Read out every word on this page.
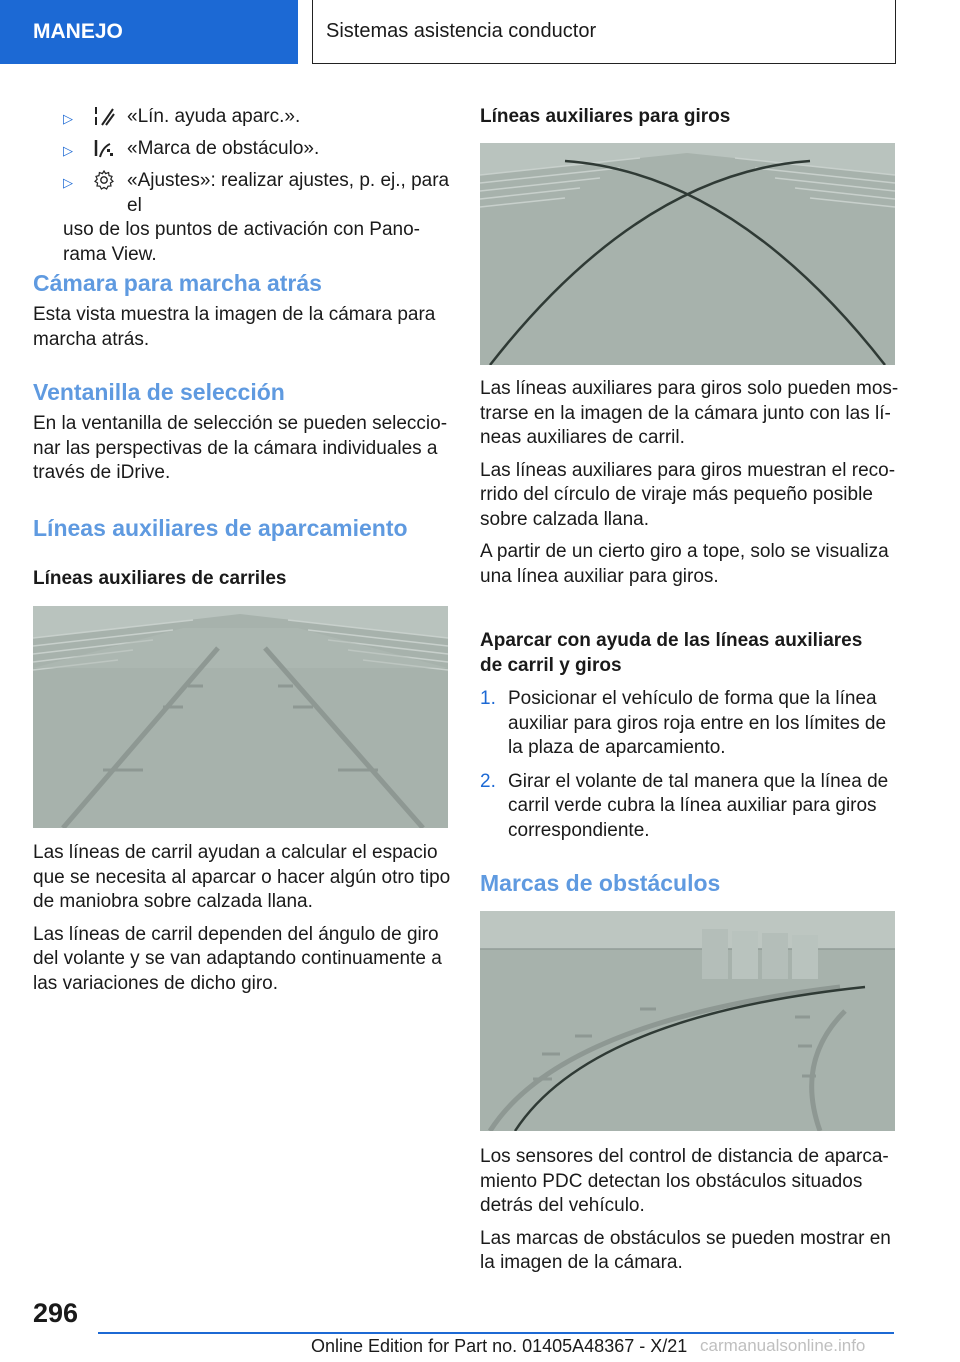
MANEJO	Sistemas asistencia conductor
▷	«Lín. ayuda aparc.».
▷	«Marca de obstáculo».
▷	«Ajustes»: realizar ajustes, p. ej., para el
uso de los puntos de activación con Pano‐
rama View.
Cámara para marcha atrás
Esta vista muestra la imagen de la cámara para
marcha atrás.
Ventanilla de selección
En la ventanilla de selección se pueden seleccio‐
nar las perspectivas de la cámara individuales a
través de iDrive.
Líneas auxiliares de aparcamiento
Líneas auxiliares de carriles
Las líneas de carril ayudan a calcular el espacio
que se necesita al aparcar o hacer algún otro tipo
de maniobra sobre calzada llana.
Las líneas de carril dependen del ángulo de giro
del volante y se van adaptando continuamente a
las variaciones de dicho giro.
Líneas auxiliares para giros
Las líneas auxiliares para giros solo pueden mos‐
trarse en la imagen de la cámara junto con las lí‐
neas auxiliares de carril.
Las líneas auxiliares para giros muestran el reco‐
rrido del círculo de viraje más pequeño posible
sobre calzada llana.
A partir de un cierto giro a tope, solo se visualiza
una línea auxiliar para giros.
Aparcar con ayuda de las líneas auxiliares
de carril y giros
1. Posicionar el vehículo de forma que la línea
auxiliar para giros roja entre en los límites de
la plaza de aparcamiento.
2. Girar el volante de tal manera que la línea de
carril verde cubra la línea auxiliar para giros
correspondiente.
Marcas de obstáculos
Los sensores del control de distancia de aparca‐
miento PDC detectan los obstáculos situados
detrás del vehículo.
Las marcas de obstáculos se pueden mostrar en
la imagen de la cámara.
296
Online Edition for Part no. 01405A48367 - X/21 carmanualsonline.info
